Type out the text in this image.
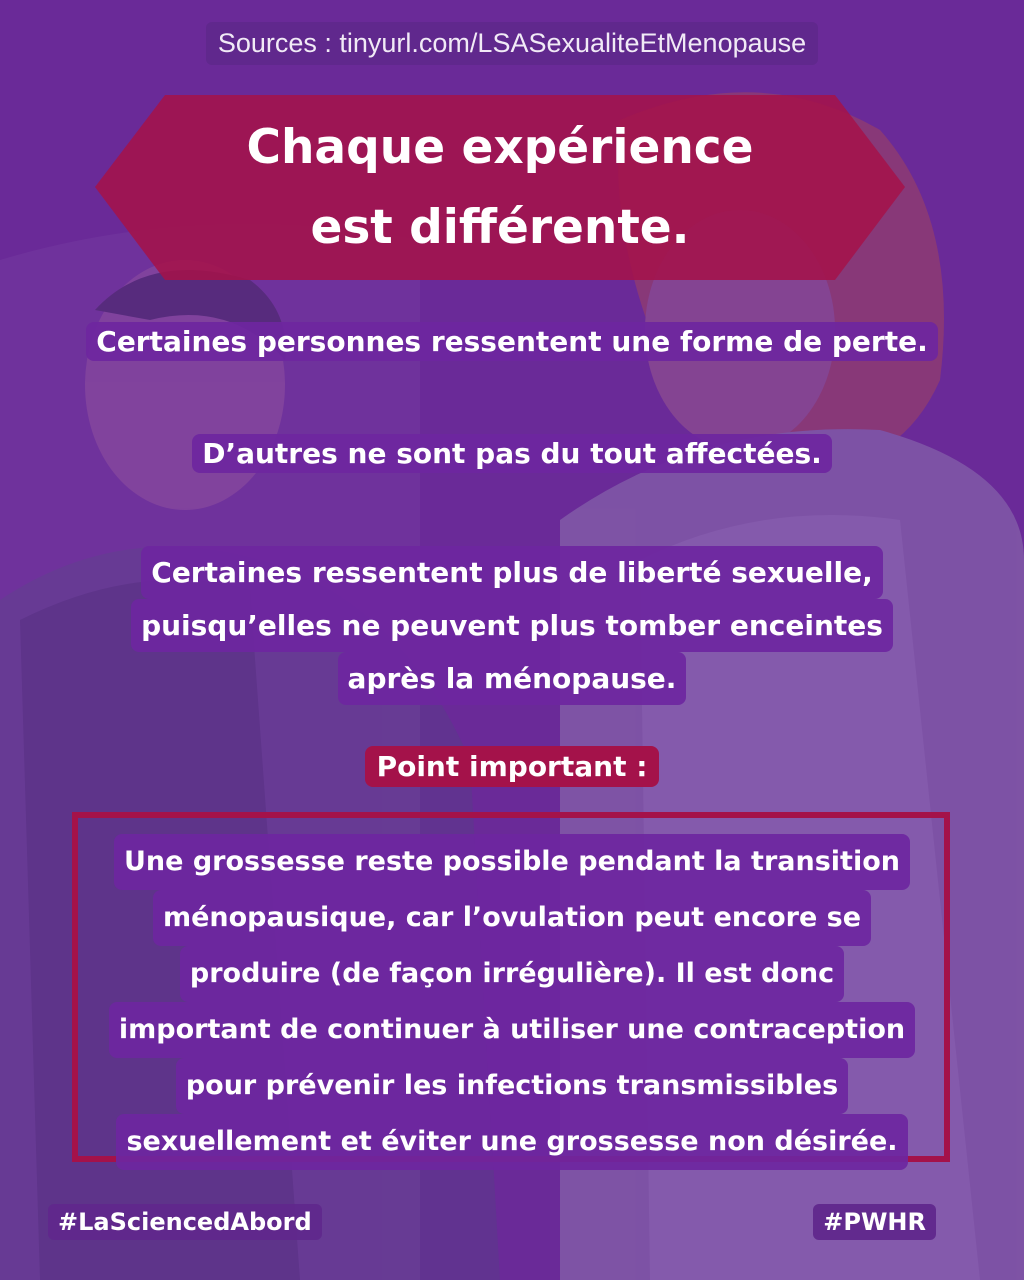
Sources : tinyurl.com/LSASexualiteEtMenopause
Chaque expérience
est différente.
Certaines personnes ressentent une forme de perte.
D’autres ne sont pas du tout affectées.
Certaines ressentent plus de liberté sexuelle,
puisqu’elles ne peuvent plus tomber enceintes
après la ménopause.
Point important :
Une grossesse reste possible pendant la transition
ménopausique, car l’ovulation peut encore se
produire (de façon irrégulière). Il est donc
important de continuer à utiliser une contraception
pour prévenir les infections transmissibles
sexuellement et éviter une grossesse non désirée.
#LaSciencedAbord	#PWHR
